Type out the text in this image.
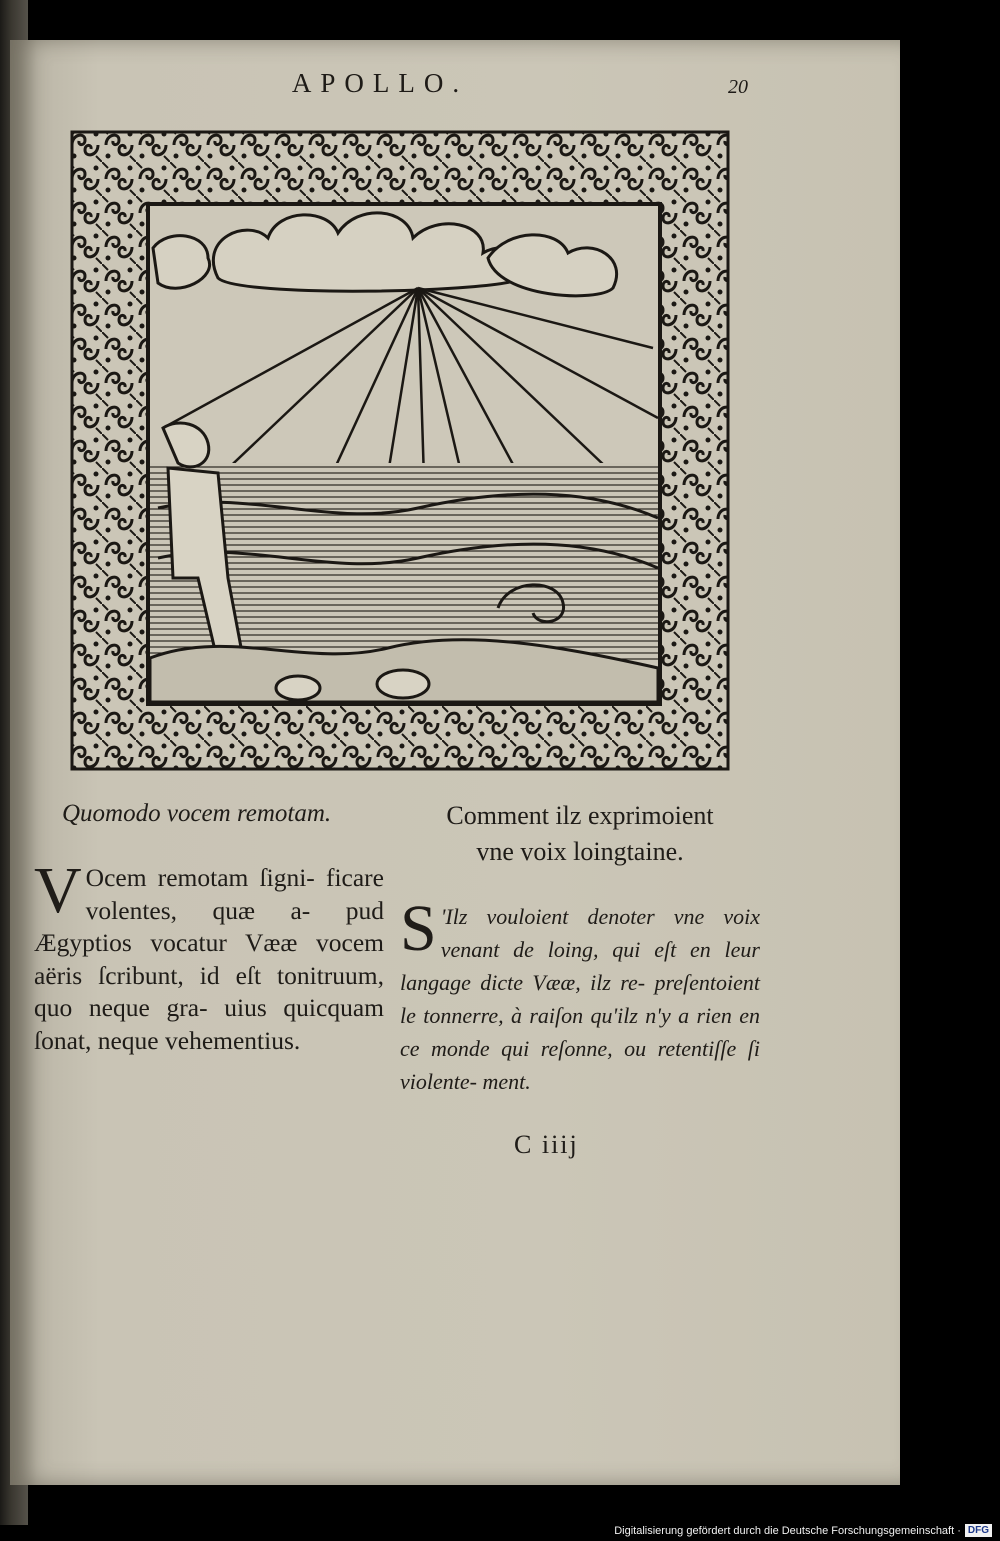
APOLLO.	20
Quomodo vocem remotam.	Comment ilz exprimoient
vne voix loingtaine.
V Ocem remotam ſigni- ficare volentes, quæ a- pud Ægyptios vocatur Vææ vocem aëris ſcribunt, id eſt tonitruum, quo neque gra- uius quicquam ſonat, neque vehementius.
S 'Ilz vouloient denoter vne voix venant de loing, qui eſt en leur langage dicte Vææ, ilz re- preſentoient le tonnerre, à raiſon qu'ilz n'y a rien en ce monde qui reſonne, ou retentiſſe ſi violente- ment.
C iiij
Digitalisierung gefördert durch die Deutsche Forschungsgemeinschaft · DFG
